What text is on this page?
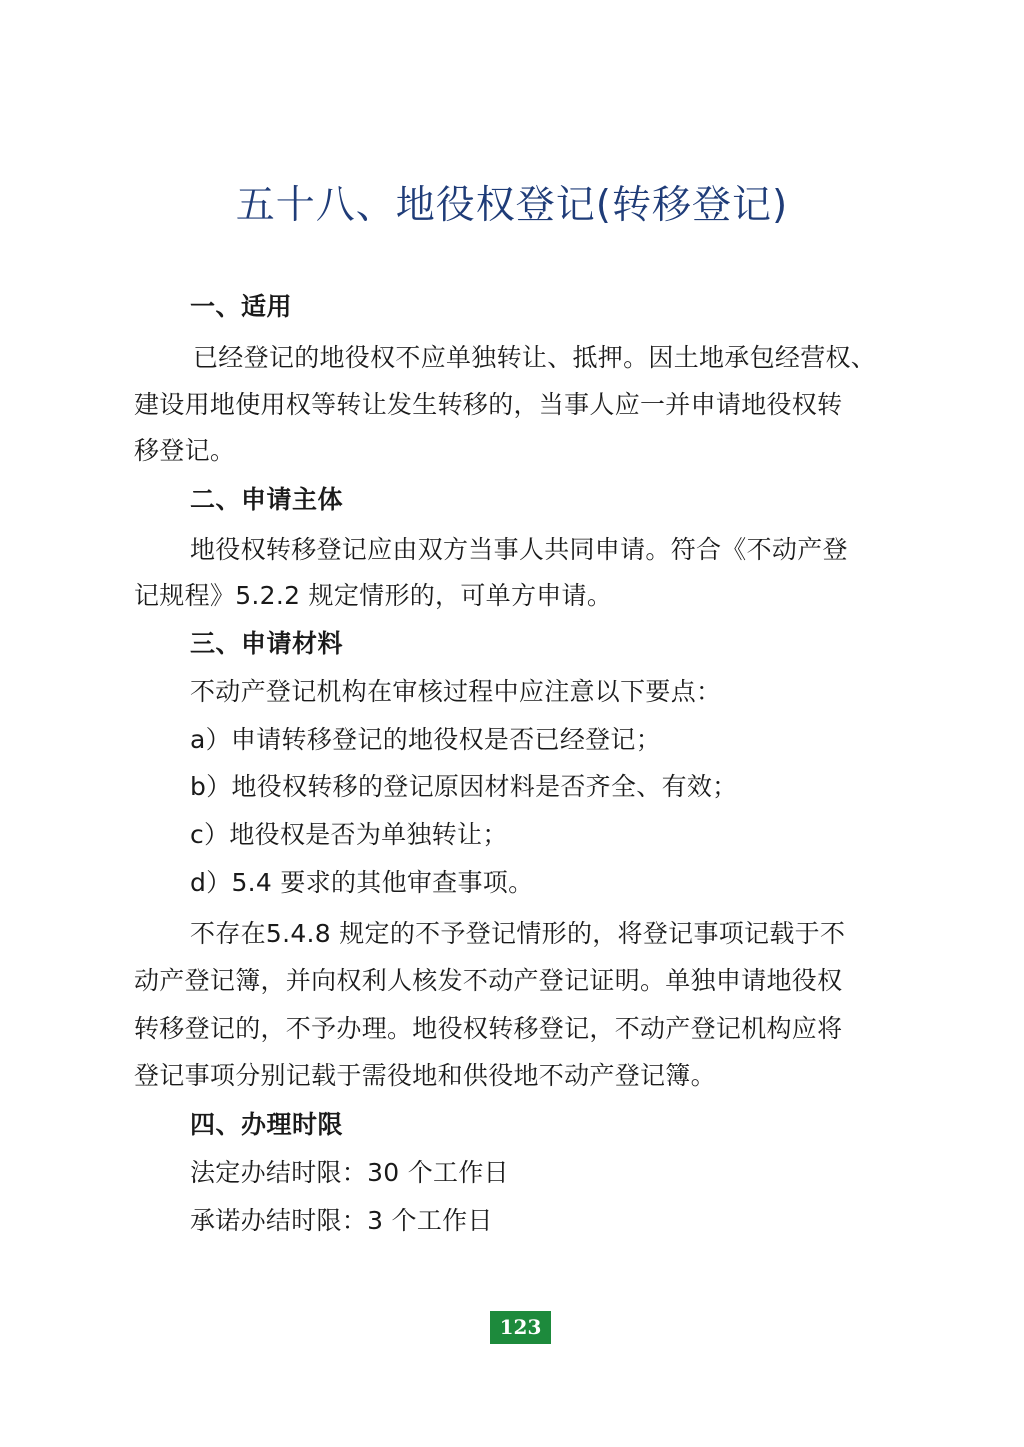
五十八、地役权登记(转移登记)
一、适用
已经登记的地役权不应单独转让、抵押。因土地承包经营权、
建设用地使用权等转让发生转移的，当事人应一并申请地役权转
移登记。
二、申请主体
地役权转移登记应由双方当事人共同申请。符合《不动产登
记规程》5.2.2 规定情形的，可单方申请。
三、申请材料
不动产登记机构在审核过程中应注意以下要点：
a）申请转移登记的地役权是否已经登记；
b）地役权转移的登记原因材料是否齐全、有效；
c）地役权是否为单独转让；
d）5.4 要求的其他审查事项。
不存在5.4.8 规定的不予登记情形的，将登记事项记载于不
动产登记簿，并向权利人核发不动产登记证明。单独申请地役权
转移登记的，不予办理。地役权转移登记，不动产登记机构应将
登记事项分别记载于需役地和供役地不动产登记簿。
四、办理时限
法定办结时限：30 个工作日
承诺办结时限：3 个工作日
123
